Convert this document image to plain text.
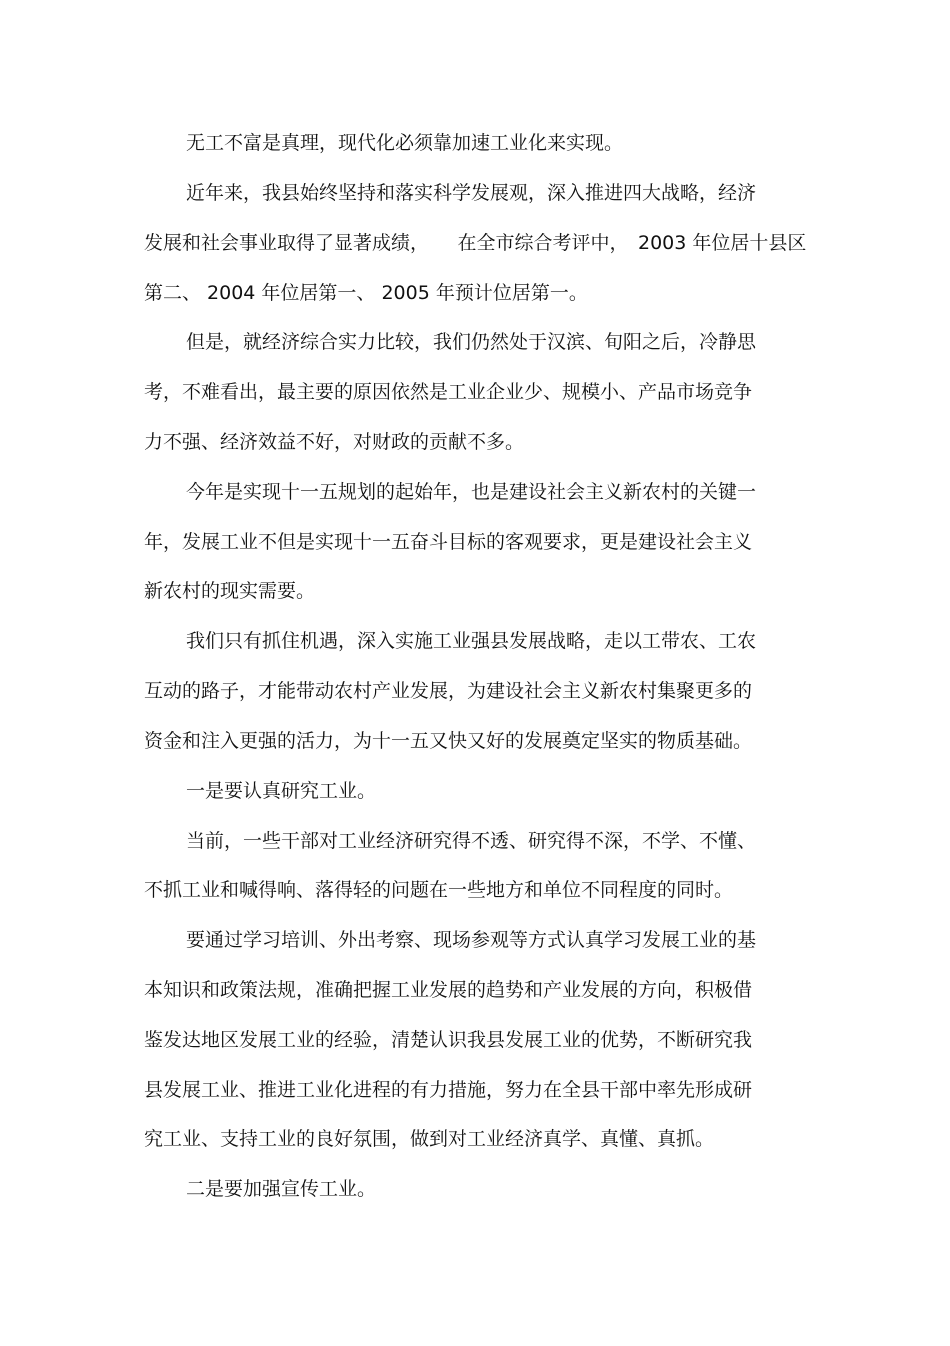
无工不富是真理，现代化必须靠加速工业化来实现。

近年来，我县始终坚持和落实科学发展观，深入推进四大战略，经济

发展和社会事业取得了显著成绩，　　在全市综合考评中，　2003 年位居十县区

第二、 2004 年位居第一、 2005 年预计位居第一。

但是，就经济综合实力比较，我们仍然处于汉滨、旬阳之后，冷静思

考，不难看出，最主要的原因依然是工业企业少、规模小、产品市场竞争

力不强、经济效益不好，对财政的贡献不多。

今年是实现十一五规划的起始年，也是建设社会主义新农村的关键一

年，发展工业不但是实现十一五奋斗目标的客观要求，更是建设社会主义

新农村的现实需要。

我们只有抓住机遇，深入实施工业强县发展战略，走以工带农、工农

互动的路子，才能带动农村产业发展，为建设社会主义新农村集聚更多的

资金和注入更强的活力，为十一五又快又好的发展奠定坚实的物质基础。

一是要认真研究工业。

当前，一些干部对工业经济研究得不透、研究得不深，不学、不懂、

不抓工业和喊得响、落得轻的问题在一些地方和单位不同程度的同时。

要通过学习培训、外出考察、现场参观等方式认真学习发展工业的基

本知识和政策法规，准确把握工业发展的趋势和产业发展的方向，积极借

鉴发达地区发展工业的经验，清楚认识我县发展工业的优势，不断研究我

县发展工业、推进工业化进程的有力措施，努力在全县干部中率先形成研

究工业、支持工业的良好氛围，做到对工业经济真学、真懂、真抓。

二是要加强宣传工业。
